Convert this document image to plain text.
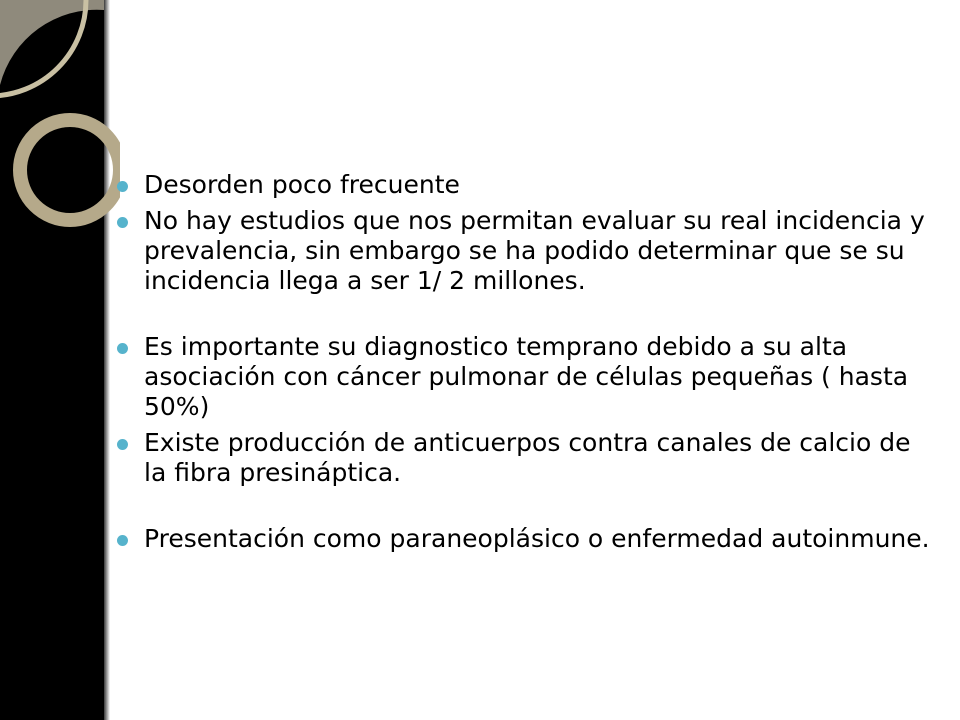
Desorden poco frecuente
No hay estudios que nos permitan evaluar su real incidencia y prevalencia, sin embargo se ha podido determinar que se su incidencia llega a ser 1/ 2 millones.
Es importante su diagnostico temprano debido a su alta asociación con cáncer pulmonar de células pequeñas ( hasta 50%)
Existe producción de anticuerpos contra canales de calcio de la fibra presináptica.
Presentación como paraneoplásico o enfermedad autoinmune.
